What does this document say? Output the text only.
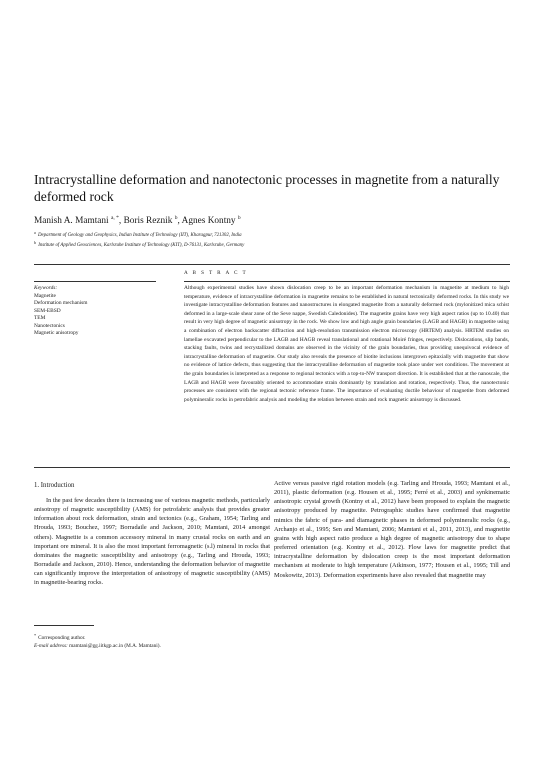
Intracrystalline deformation and nanotectonic processes in magnetite from a naturally deformed rock
Manish A. Mamtani $^{a, *}$, Boris Reznik $^b$, Agnes Kontny $^b$
$^a$ Department of Geology and Geophysics, Indian Institute of Technology (IIT), Kharagpur, 721302, India
$^b$ Institute of Applied Geosciences, Karlsruhe Institute of Technology (KIT), D-76131, Karlsruhe, Germany
Keywords:
Magnetite
Deformation mechanism
SEM-EBSD
TEM
Nanotectonics
Magnetic anisotropy
A B S T R A C T
Although experimental studies have shown dislocation creep to be an important deformation mechanism in magnetite at medium to high temperature, evidence of intracrystalline deformation in magnetite remains to be established in natural tectonically deformed rocks. In this study we investigate intracrystalline deformation features and nanostructures in elongated magnetite from a naturally deformed rock (mylonitized mica schist deformed in a large-scale shear zone of the Seve nappe, Swedish Caledonides). The magnetite grains have very high aspect ratios (up to 10.40) that result in very high degree of magnetic anisotropy in the rock. We show low and high angle grain boundaries (LAGB and HAGB) in magnetite using a combination of electron backscatter diffraction and high-resolution transmission electron microscopy (HRTEM) analysis. HRTEM studies on lamellae excavated perpendicular to the LAGB and HAGB reveal translational and rotational Moiré fringes, respectively. Dislocations, slip bands, stacking faults, twins and recrystallized domains are observed in the vicinity of the grain boundaries, thus providing unequivocal evidence of intracrystalline deformation of magnetite. Our study also reveals the presence of biotite inclusions intergrown epitaxially with magnetite that show no evidence of lattice defects, thus suggesting that the intracrystalline deformation of magnetite took place under wet conditions. The movement at the grain boundaries is interpreted as a response to regional tectonics with a top-to-NW transport direction. It is established that at the nanoscale, the LAGB and HAGB were favourably oriented to accommodate strain dominantly by translation and rotation, respectively. Thus, the nanotectonic processes are consistent with the regional tectonic reference frame. The importance of evaluating ductile behaviour of magnetite from deformed polymineralic rocks in petrofabric analysis and modeling the relation between strain and rock magnetic anisotropy is discussed.
1. Introduction

In the past few decades there is increasing use of various magnetic methods, particularly anisotropy of magnetic susceptibility (AMS) for petrofabric analysis that provides greater information about rock deformation, strain and tectonics (e.g., Graham, 1954; Tarling and Hrouda, 1993; Bouchez, 1997; Borradaile and Jackson, 2010; Mamtani, 2014 amongst others). Magnetite is a common accessory mineral in many crustal rocks on earth and an important ore mineral. It is also the most important ferromagnetic (s.l) mineral in rocks that dominates the magnetic susceptibility and anisotropy (e.g., Tarling and Hrouda, 1993; Borradaile and Jackson, 2010). Hence, understanding the deformation behavior of magnetite can significantly improve the interpretation of anisotropy of magnetic susceptibility (AMS) in magnetite-bearing rocks.

Active versus passive rigid rotation models (e.g. Tarling and Hrouda, 1993; Mamtani et al., 2011), plastic deformation (e.g. Housen et al., 1995; Ferré et al., 2003) and synkinematic anisotropic crystal growth (Kontny et al., 2012) have been proposed to explain the magnetic anisotropy produced by magnetite. Petrographic studies have confirmed that magnetite mimics the fabric of para- and diamagnetic phases in deformed polymineralic rocks (e.g., Archanjo et al., 1995; Sen and Mamtani, 2006; Mamtani et al., 2011, 2013), and magnetite grains with high aspect ratio produce a high degree of magnetic anisotropy due to shape preferred orientation (e.g. Kontny et al., 2012). Flow laws for magnetite predict that intracrystalline deformation by dislocation creep is the most important deformation mechanism at moderate to high temperature (Atkinson, 1977; Housen et al., 1995; Till and Moskowitz, 2013). Deformation experiments have also revealed that magnetite may

* Corresponding author.

E-mail address: mamtani@gg.iitkgp.ac.in (M.A. Mamtani).
